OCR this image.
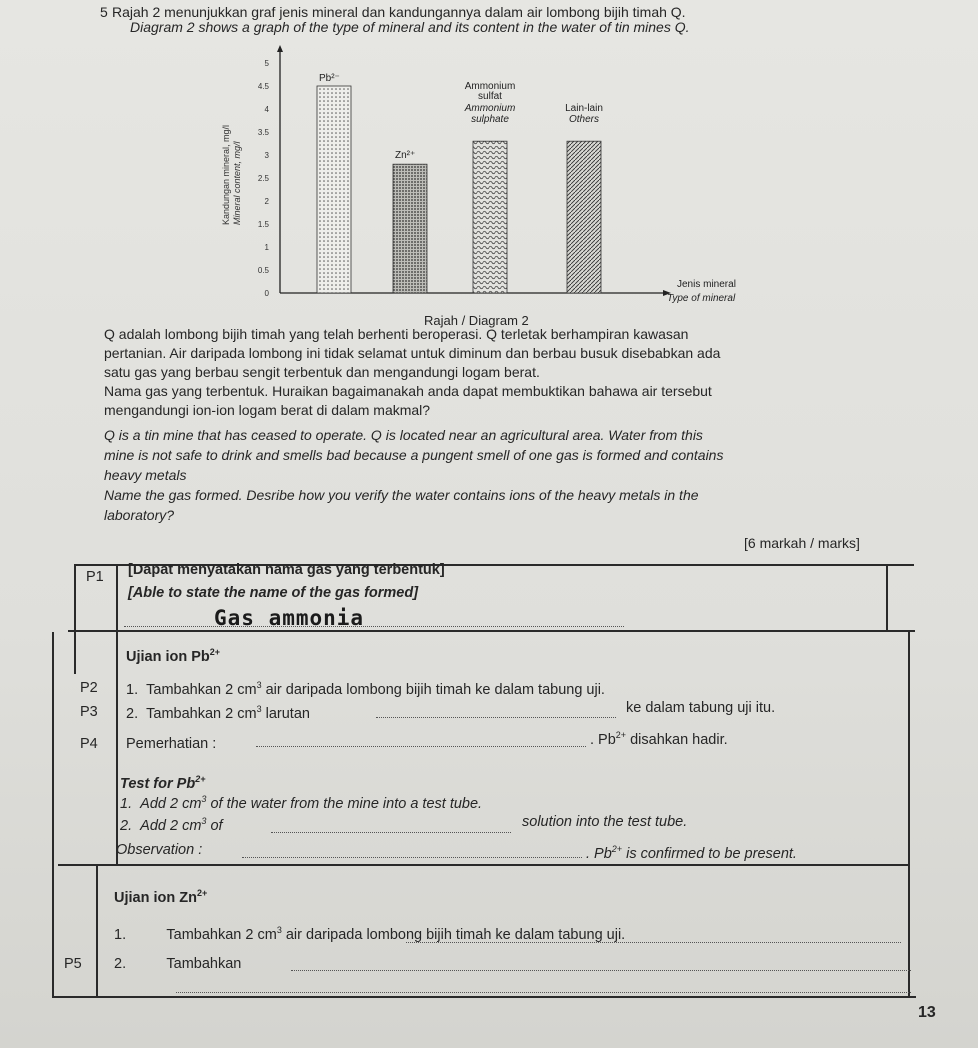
5 Rajah 2 menunjukkan graf jenis mineral dan kandungannya dalam air lombong bijih timah Q.
Diagram 2 shows a graph of the type of mineral and its content in the water of tin mines Q.
0
0.5
1
1.5
2
2.5
3
3.5
4
4.5
5
Kandungan mineral, mg/l Mineral content, mg/l
Pb²⁻
Zn²⁺
Ammonium
sulfat
Ammonium
sulphate
Lain-lain
Others
Jenis mineral
Type of mineral
Rajah / Diagram 2
Q adalah lombong bijih timah yang telah berhenti beroperasi. Q terletak berhampiran kawasan
pertanian. Air daripada lombong ini tidak selamat untuk diminum dan berbau busuk disebabkan ada
satu gas yang berbau sengit terbentuk dan mengandungi logam berat.
Nama gas yang terbentuk. Huraikan bagaimanakah anda dapat membuktikan bahawa air tersebut
mengandungi ion-ion logam berat di dalam makmal?
Q is a tin mine that has ceased to operate. Q is located near an agricultural area. Water from this
mine is not safe to drink and smells bad because a pungent smell of one gas is formed and contains
heavy metals
Name the gas formed. Desribe how you verify the water contains ions of the heavy metals in the
laboratory?
[6 markah / marks]
P1 [Dapat menyatakan nama gas yang terbentuk]
[Able to state the name of the gas formed]
Gas ammonia
Ujian ion $Pb^{2+}$
P2 1. Tambahkan 2 $cm^3$ air daripada lombong bijih timah ke dalam tabung uji.
P3 2. Tambahkan 2 $cm^3$ larutan	ke dalam tabung uji itu.
P4 Pemerhatian :	. $Pb^{2+}$ disahkan hadir.
Test for $Pb^{2+}$
1. Add 2 $cm^3$ of the water from the mine into a test tube.
2. Add 2 $cm^3$ of	solution into the test tube.
Observation :	. $Pb^{2+}$ is confirmed to be present.
Ujian ion $Zn^{2+}$
1.	Tambahkan 2 $cm^3$ air daripada lombong bijih timah ke dalam tabung uji.
P5 2.	Tambahkan
13
